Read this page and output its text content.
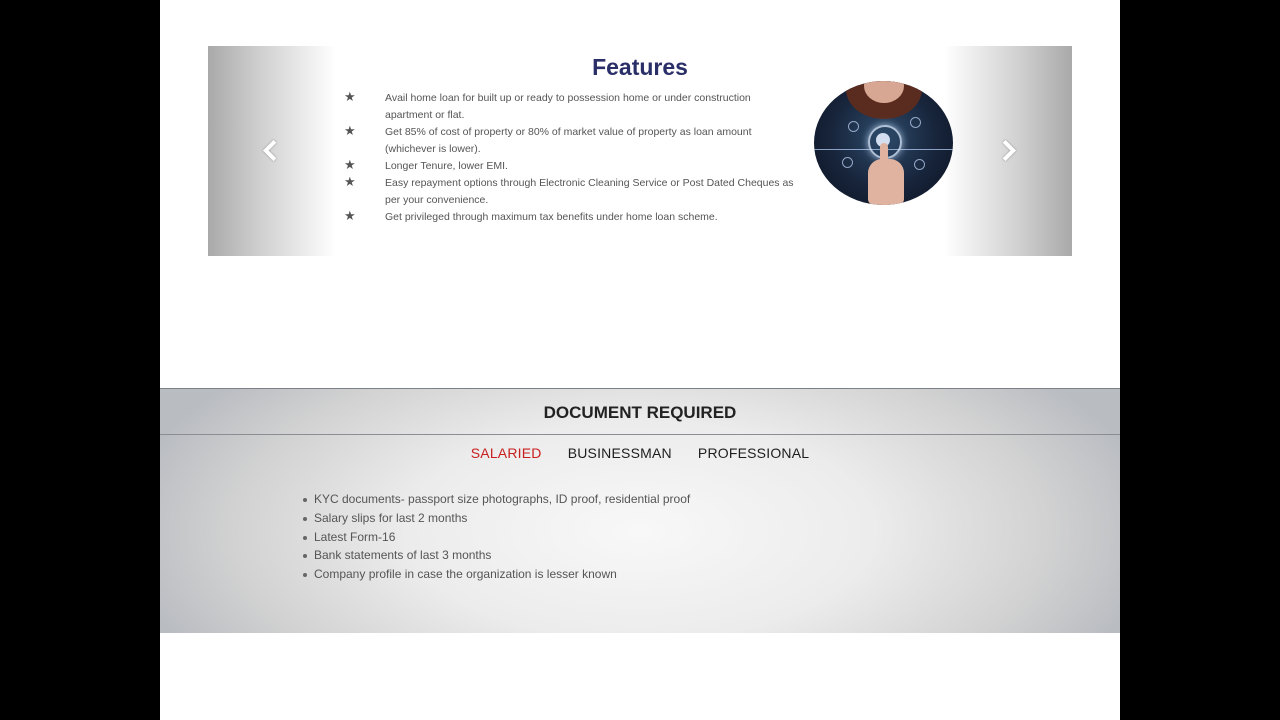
Features
★	Avail home loan for built up or ready to possession home or under construction apartment or flat.
★	Get 85% of cost of property or 80% of market value of property as loan amount (whichever is lower).
★	Longer Tenure, lower EMI.
★	Easy repayment options through Electronic Cleaning Service or Post Dated Cheques as per your convenience.
★	Get privileged through maximum tax benefits under home loan scheme.
DOCUMENT REQUIRED
SALARIED BUSINESSMAN PROFESSIONAL
KYC documents- passport size photographs, ID proof, residential proof
Salary slips for last 2 months
Latest Form-16
Bank statements of last 3 months
Company profile in case the organization is lesser known
